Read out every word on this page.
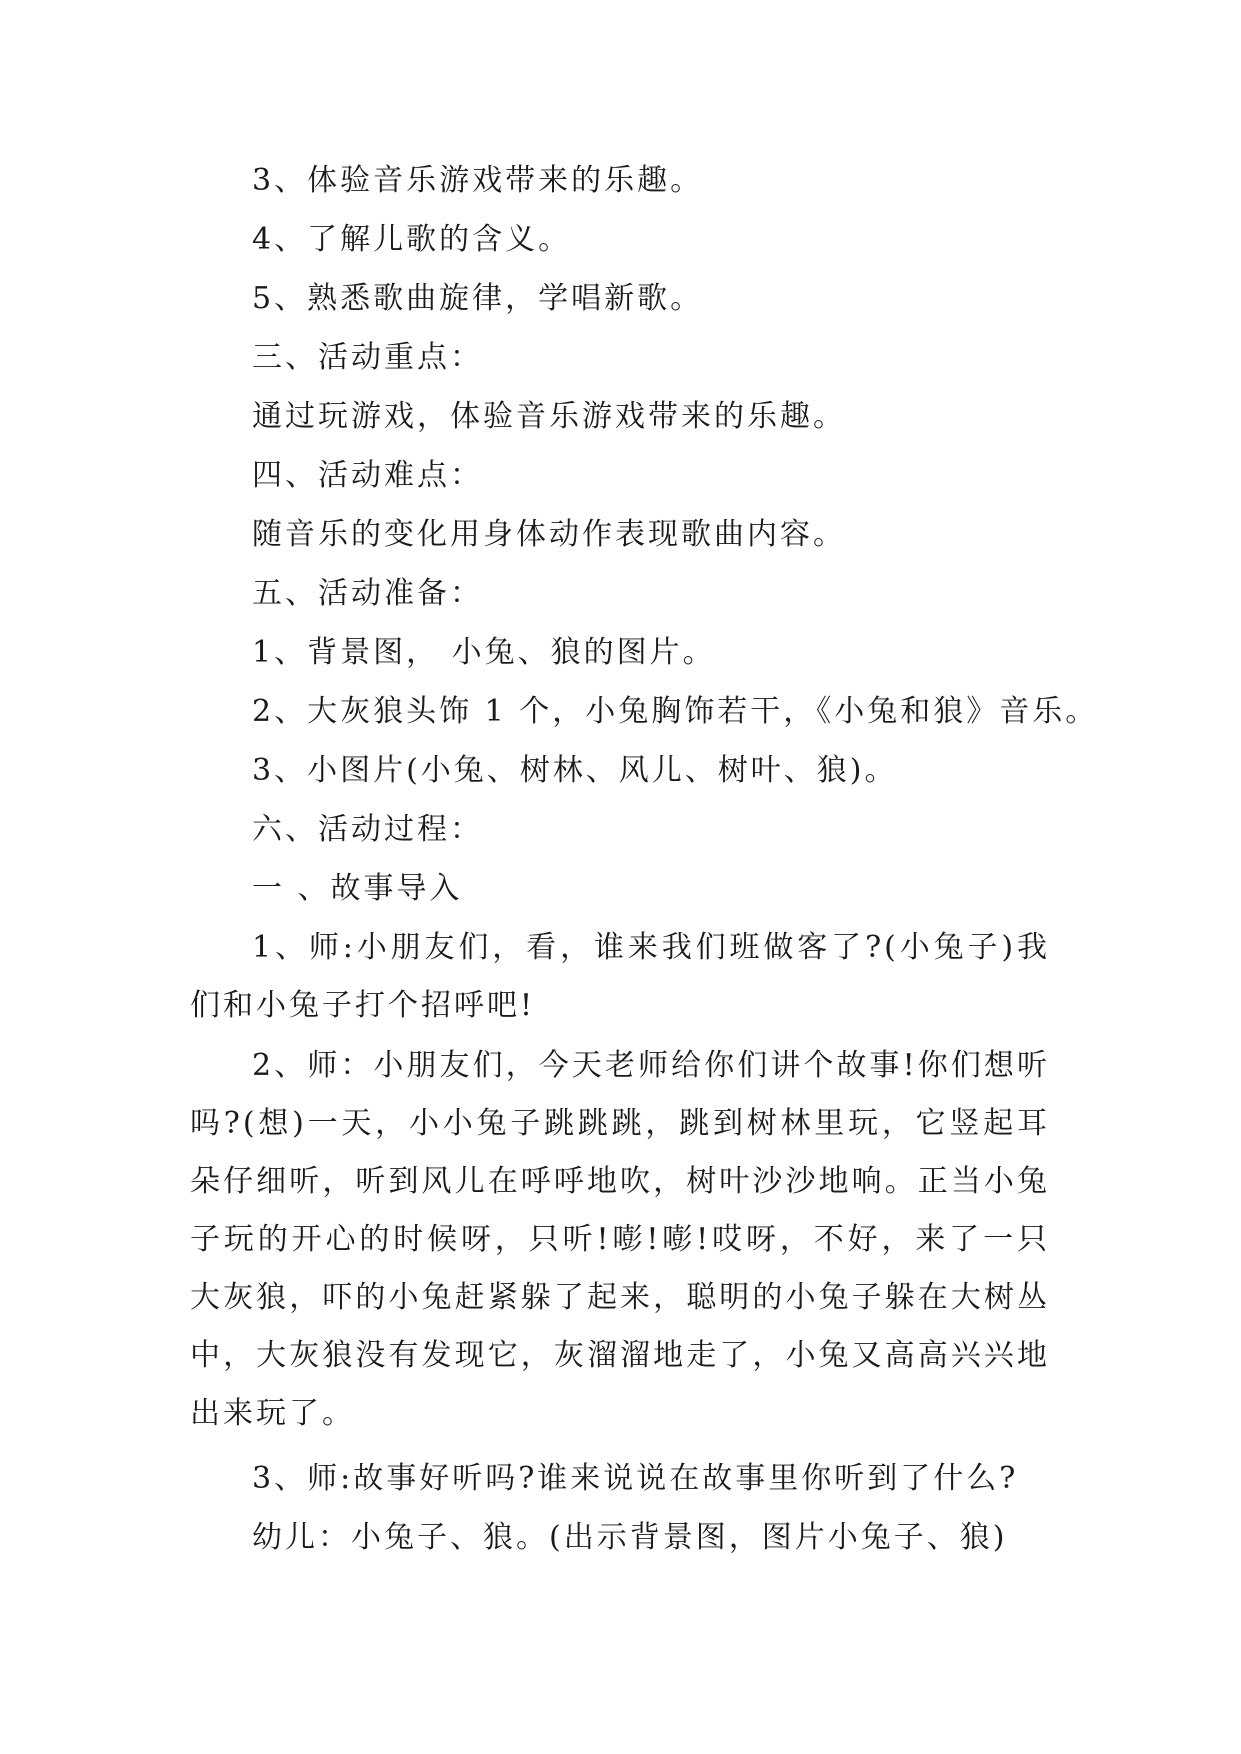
3、体验音乐游戏带来的乐趣。
4、了解儿歌的含义。
5、熟悉歌曲旋律，学唱新歌。
三、活动重点：
通过玩游戏，体验音乐游戏带来的乐趣。
四、活动难点：
随音乐的变化用身体动作表现歌曲内容。
五、活动准备：
1、背景图， 小兔、狼的图片。
2、大灰狼头饰 1 个，小兔胸饰若干，《小兔和狼》音乐。
3、小图片(小兔、树林、风儿、树叶、狼)。
六、活动过程：
一 、故事导入
1、师:小朋友们，看，谁来我们班做客了?(小兔子)我们和小兔子打个招呼吧!
2、师：小朋友们，今天老师给你们讲个故事!你们想听吗?(想)一天，小小兔子跳跳跳，跳到树林里玩，它竖起耳朵仔细听，听到风儿在呼呼地吹，树叶沙沙地响。正当小兔子玩的开心的时候呀，只听!嘭!嘭!哎呀，不好，来了一只大灰狼，吓的小兔赶紧躲了起来，聪明的小兔子躲在大树丛中，大灰狼没有发现它，灰溜溜地走了，小兔又高高兴兴地出来玩了。
3、师:故事好听吗?谁来说说在故事里你听到了什么?
幼儿：小兔子、狼。(出示背景图，图片小兔子、狼)
